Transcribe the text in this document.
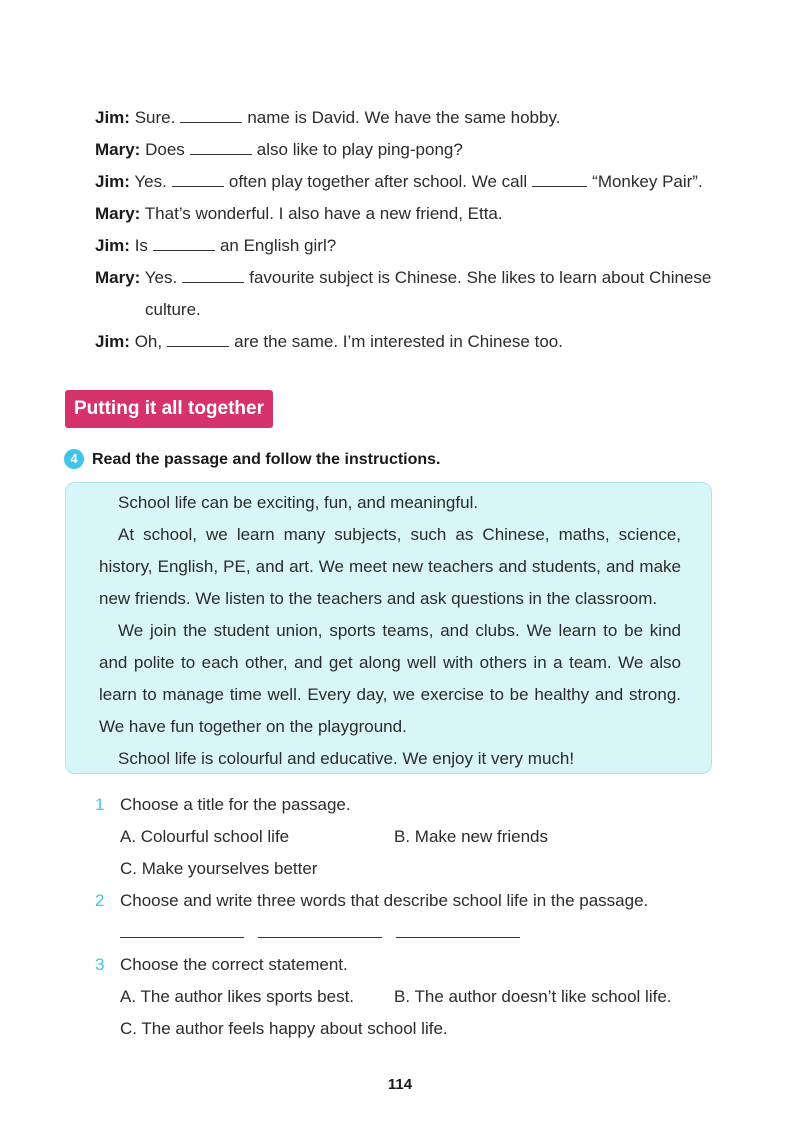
Jim: Sure.	name is David. We have the same hobby.
Mary: Does	also like to play ping-pong?
Jim: Yes.	often play together after school. We call	“Monkey Pair”.
Mary: That’s wonderful. I also have a new friend, Etta.
Jim: Is	an English girl?
Mary: Yes.	favourite subject is Chinese. She likes to learn about Chinese
culture.
Jim: Oh,	are the same. I’m interested in Chinese too.
Putting it all together
4 Read the passage and follow the instructions.

School life can be exciting, fun, and meaningful.

At school, we learn many subjects, such as Chinese, maths, science, history, English, PE, and art. We meet new teachers and students, and make new friends. We listen to the teachers and ask questions in the classroom.

We join the student union, sports teams, and clubs. We learn to be kind and polite to each other, and get along well with others in a team. We also learn to manage time well. Every day, we exercise to be healthy and strong. We have fun together on the playground.

School life is colourful and educative. We enjoy it very much!

1 Choose a title for the passage.
A. Colourful school life	B. Make new friends
C. Make yourselves better
2 Choose and write three words that describe school life in the passage.
3 Choose the correct statement.
A. The author likes sports best. B. The author doesn’t like school life.
C. The author feels happy about school life.
114
